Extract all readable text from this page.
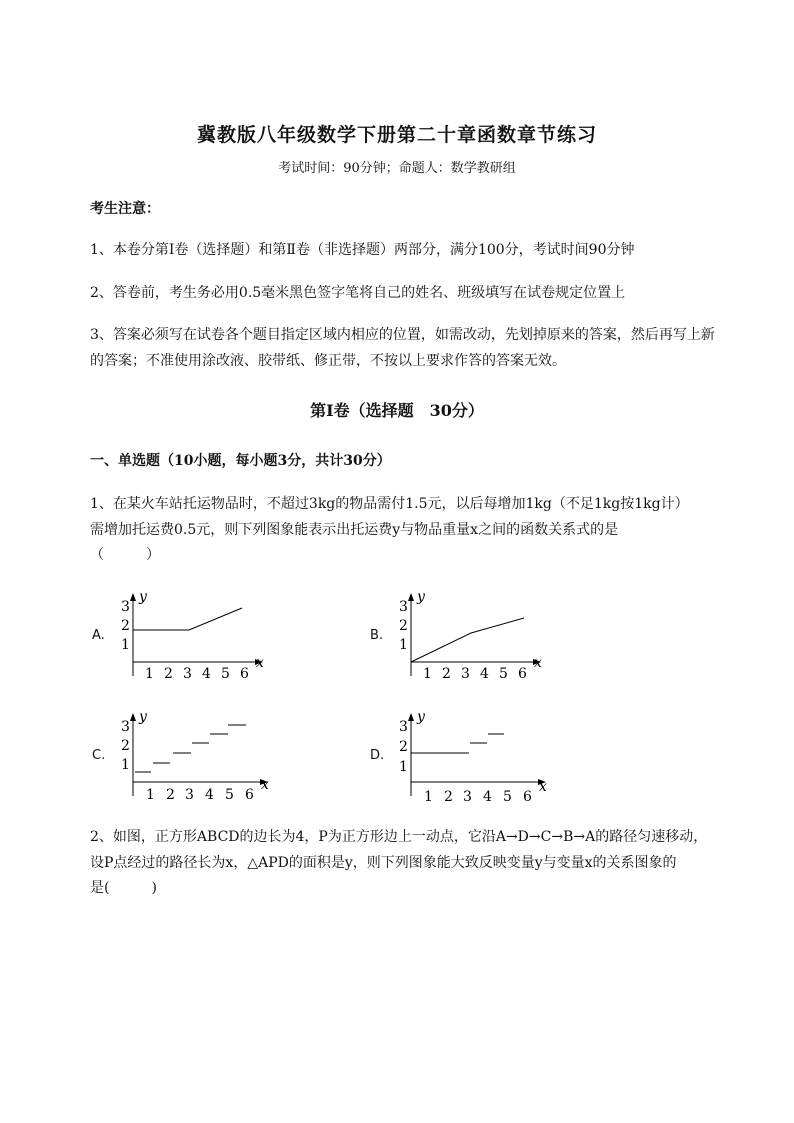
冀教版八年级数学下册第二十章函数章节练习
考试时间：90分钟；命题人：数学教研组
考生注意：
1、本卷分第I卷（选择题）和第Ⅱ卷（非选择题）两部分，满分100分，考试时间90分钟
2、答卷前，考生务必用0.5毫米黑色签字笔将自己的姓名、班级填写在试卷规定位置上
3、答案必须写在试卷各个题目指定区域内相应的位置，如需改动，先划掉原来的答案，然后再写上新
的答案；不准使用涂改液、胶带纸、修正带，不按以上要求作答的答案无效。
第I卷（选择题　30分）
一、单选题（10小题，每小题3分，共计30分）
1、在某火车站托运物品时，不超过3kg的物品需付1.5元，以后每增加1kg（不足1kg按1kg计）
需增加托运费0.5元，则下列图象能表示出托运费y与物品重量x之间的函数关系式的是
（　　　）
A.
x
y
1 2 3 4 5 6
1
2
3
B.
x
y
1 2 3 4 5 6
1
2
3
C.
x
y
1 2 3 4 5 6
1
2
3
D.
x
y
1 2 3 4 5 6
1
2
3
2、如图，正方形ABCD的边长为4，P为正方形边上一动点，它沿A→D→C→B→A的路径匀速移动，
设P点经过的路径长为x，△APD的面积是y，则下列图象能大致反映变量y与变量x的关系图象的
是(　　　)
